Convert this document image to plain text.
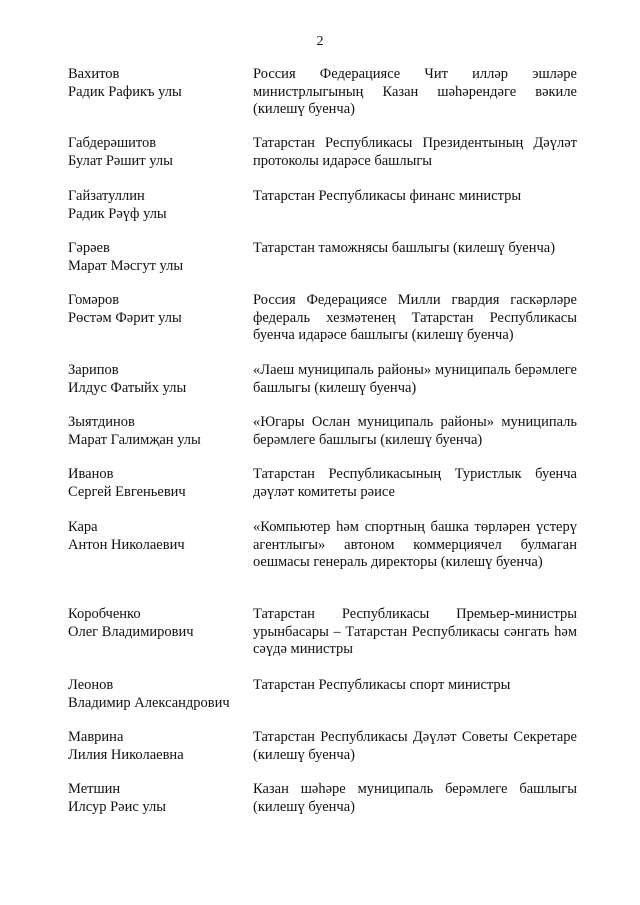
2
Вахитов
Радик Рафикъ улы
Россия Федерациясе Чит илләр эшләре министрлыгының Казан шәһәрендәге вәкиле (килешү буенча)
Габдерәшитов
Булат Рәшит улы
Татарстан Республикасы Президентының Дәүләт протоколы идарәсе башлыгы
Гайзатуллин
Радик Рәүф улы
Татарстан Республикасы финанс министры
Гәрәев
Марат Мәсгут улы
Татарстан таможнясы башлыгы (килешү буенча)
Гомәров
Рөстәм Фәрит улы
Россия Федерациясе Милли гвардия гаскәрләре федераль хезмәтенең Татарстан Республикасы буенча идарәсе башлыгы (килешү буенча)
Зарипов
Илдус Фатыйх улы
«Лаеш муниципаль районы» муниципаль берәмлеге башлыгы (килешү буенча)
Зыятдинов
Марат Галимҗан улы
«Югары Ослан муниципаль районы» муниципаль берәмлеге башлыгы (килешү буенча)
Иванов
Сергей Евгеньевич
Татарстан Республикасының Туристлык буенча дәүләт комитеты рәисе
Кара
Антон Николаевич
«Компьютер һәм спортның башка төрләрен үстерү агентлыгы» автоном коммерциячел булмаган оешмасы генераль директоры (килешү буенча)
Коробченко
Олег Владимирович
Татарстан Республикасы Премьер-министры урынбасары – Татарстан Республикасы сәнгать һәм сәүдә министры
Леонов
Владимир Александрович
Татарстан Республикасы спорт министры
Маврина
Лилия Николаевна
Татарстан Республикасы Дәүләт Советы Секретаре (килешү буенча)
Метшин
Илсур Рәис улы
Казан шәһәре муниципаль берәмлеге башлыгы (килешү буенча)
